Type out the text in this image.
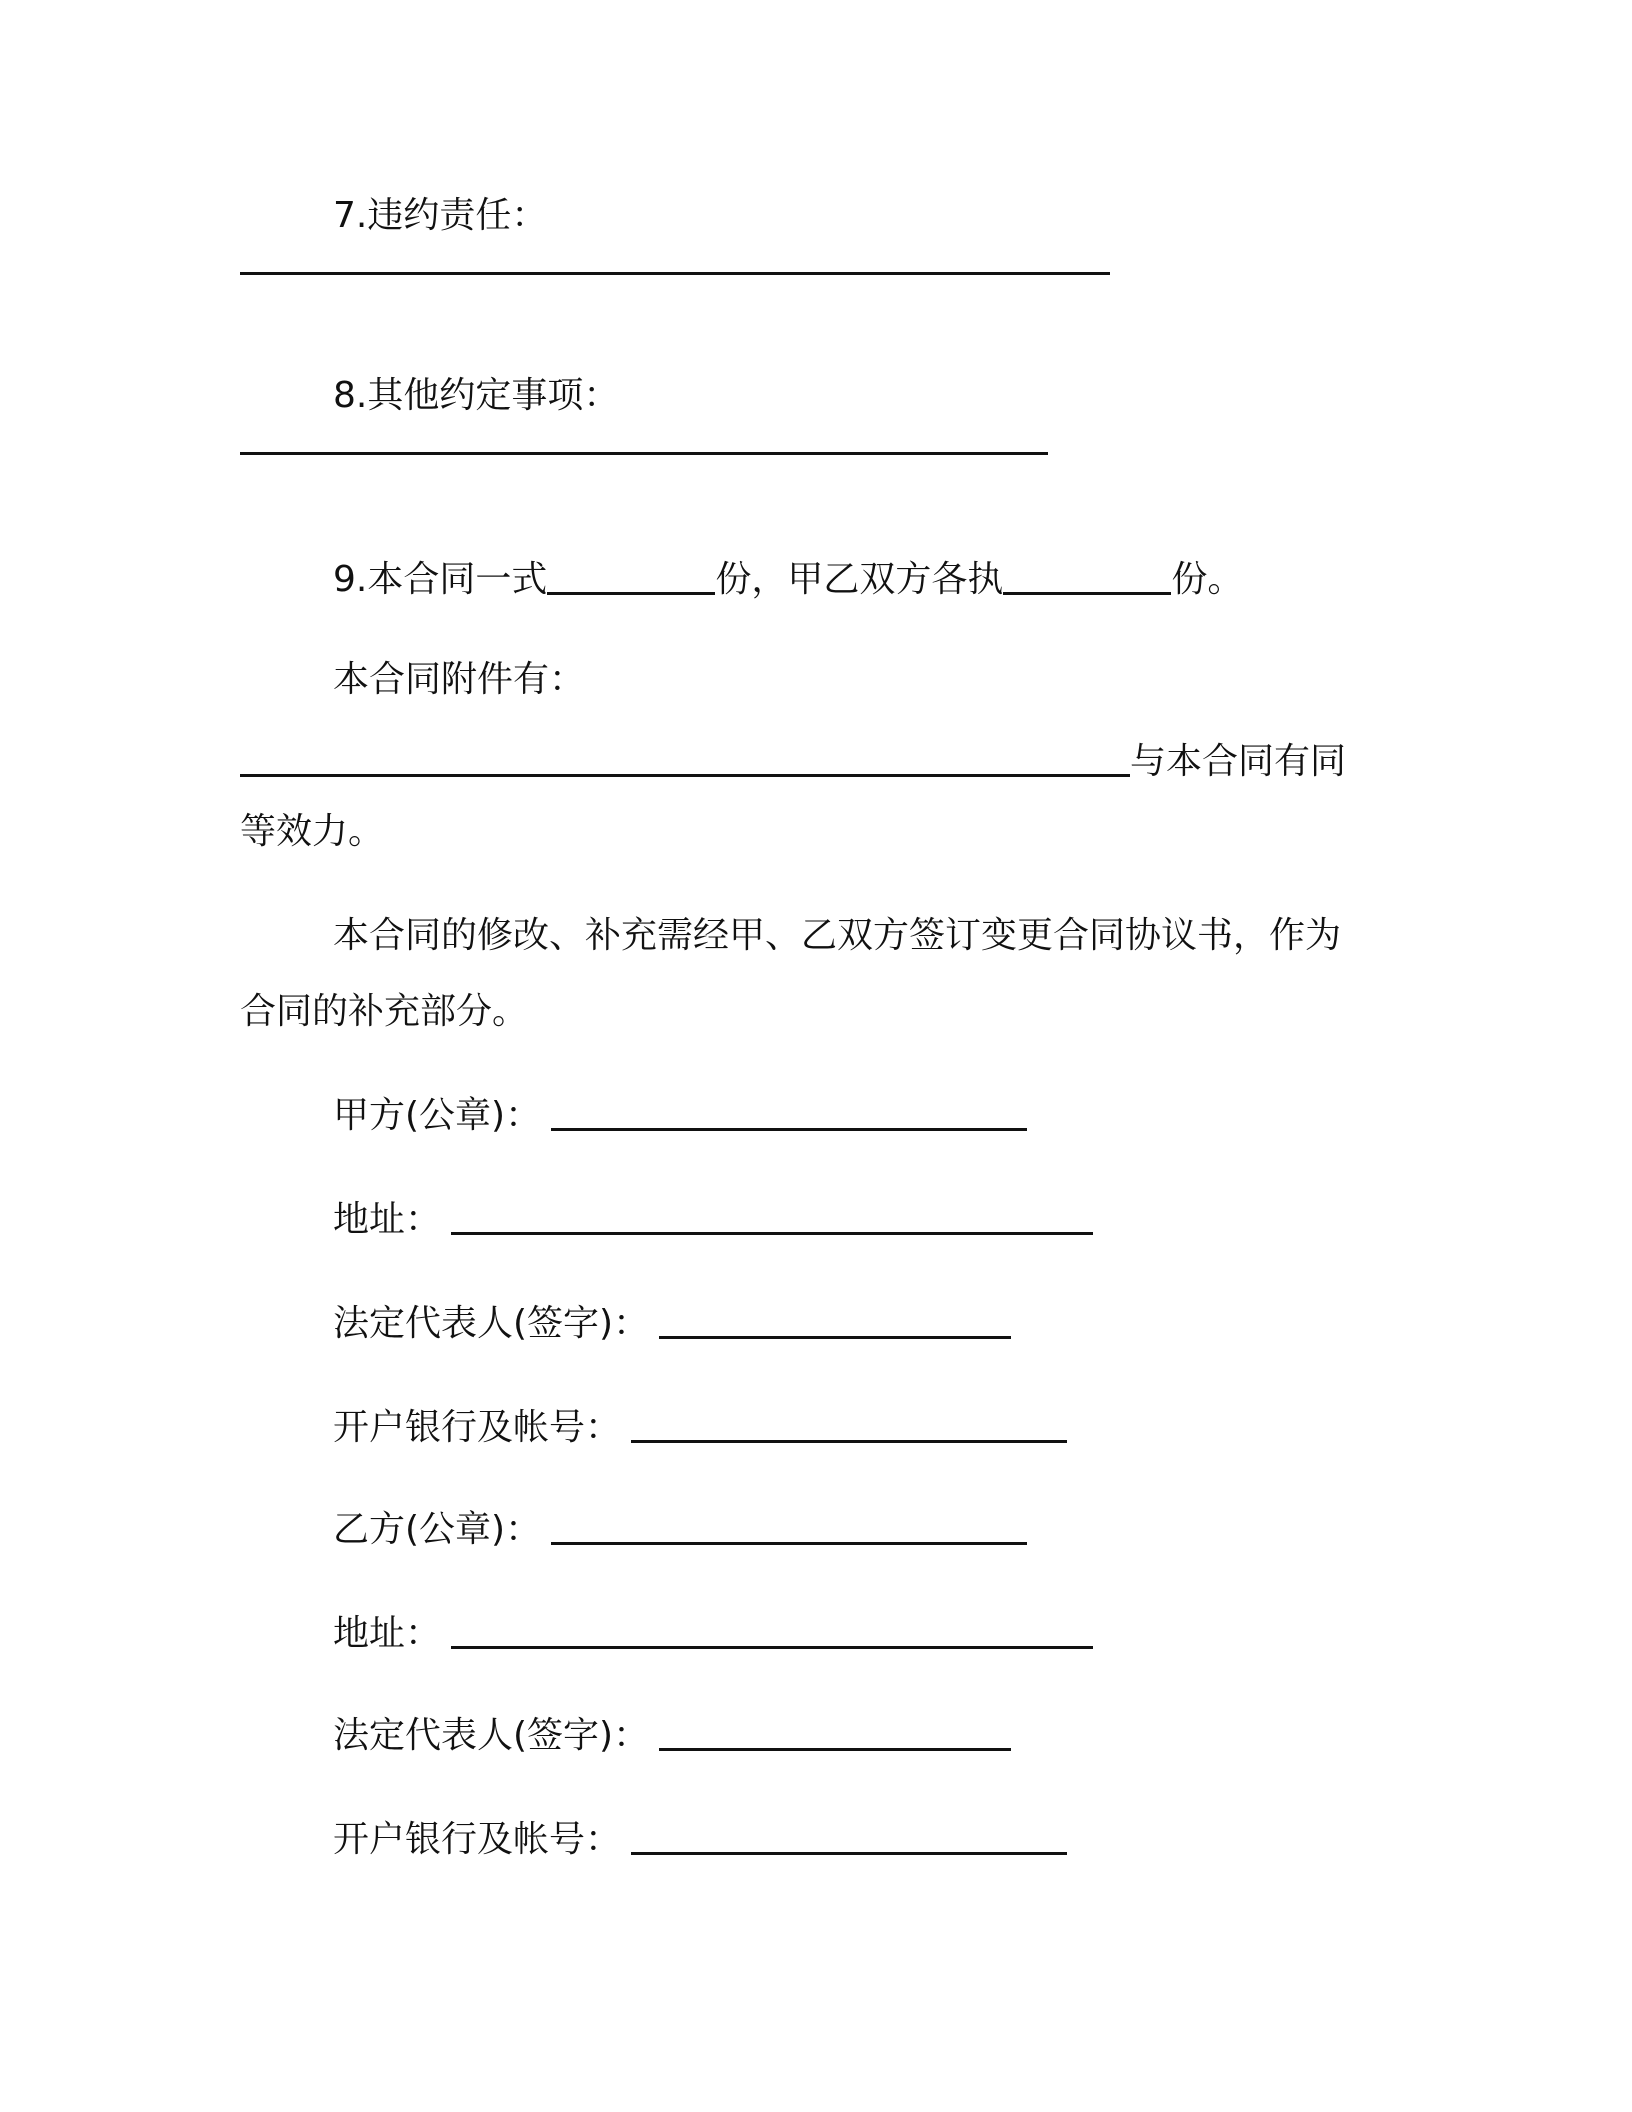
7.违约责任：
8.其他约定事项：
9.本合同一式	份，甲乙双方各执	份。
本合同附件有：
与本合同有同
等效力。
本合同的修改、补充需经甲、乙双方签订变更合同协议书，作为
合同的补充部分。
甲方(公章)：
地址：
法定代表人(签字)：
开户银行及帐号：
乙方(公章)：
地址：
法定代表人(签字)：
开户银行及帐号：
